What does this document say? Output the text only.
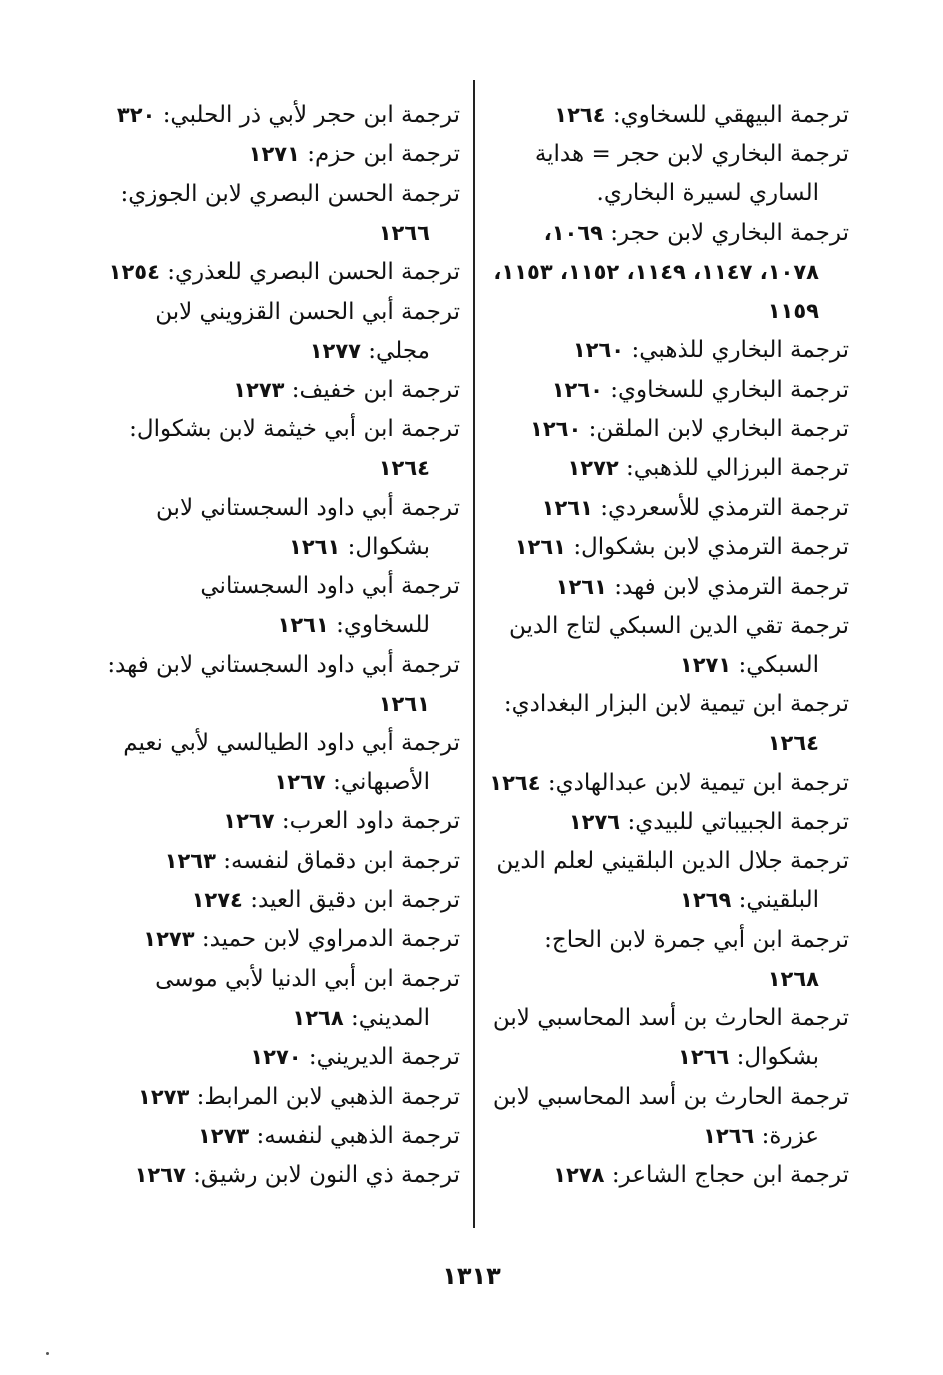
ترجمة البيهقي للسخاوي: ١٢٦٤
ترجمة البخاري لابن حجر = هداية الساري لسيرة البخاري.
ترجمة البخاري لابن حجر: ١٠٦٩، ١٠٧٨، ١١٤٧، ١١٤٩، ١١٥٢، ١١٥٣، ١١٥٩
ترجمة البخاري للذهبي: ١٢٦٠
ترجمة البخاري للسخاوي: ١٢٦٠
ترجمة البخاري لابن الملقن: ١٢٦٠
ترجمة البرزالي للذهبي: ١٢٧٢
ترجمة الترمذي للأسعردي: ١٢٦١
ترجمة الترمذي لابن بشكوال: ١٢٦١
ترجمة الترمذي لابن فهد: ١٢٦١
ترجمة تقي الدين السبكي لتاج الدين السبكي: ١٢٧١
ترجمة ابن تيمية لابن البزار البغدادي: ١٢٦٤
ترجمة ابن تيمية لابن عبدالهادي: ١٢٦٤
ترجمة الجبيباتي للبيدي: ١٢٧٦
ترجمة جلال الدين البلقيني لعلم الدين البلقيني: ١٢٦٩
ترجمة ابن أبي جمرة لابن الحاج: ١٢٦٨
ترجمة الحارث بن أسد المحاسبي لابن بشكوال: ١٢٦٦
ترجمة الحارث بن أسد المحاسبي لابن عزرة: ١٢٦٦
ترجمة ابن حجاج الشاعر: ١٢٧٨
ترجمة ابن حجر لأبي ذر الحلبي: ٣٢٠
ترجمة ابن حزم: ١٢٧١
ترجمة الحسن البصري لابن الجوزي: ١٢٦٦
ترجمة الحسن البصري للعذري: ١٢٥٤
ترجمة أبي الحسن القزويني لابن مجلي: ١٢٧٧
ترجمة ابن خفيف: ١٢٧٣
ترجمة ابن أبي خيثمة لابن بشكوال: ١٢٦٤
ترجمة أبي داود السجستاني لابن بشكوال: ١٢٦١
ترجمة أبي داود السجستاني للسخاوي: ١٢٦١
ترجمة أبي داود السجستاني لابن فهد: ١٢٦١
ترجمة أبي داود الطيالسي لأبي نعيم الأصبهاني: ١٢٦٧
ترجمة داود العرب: ١٢٦٧
ترجمة ابن دقماق لنفسه: ١٢٦٣
ترجمة ابن دقيق العيد: ١٢٧٤
ترجمة الدمراوي لابن حميد: ١٢٧٣
ترجمة ابن أبي الدنيا لأبي موسى المديني: ١٢٦٨
ترجمة الديريني: ١٢٧٠
ترجمة الذهبي لابن المرابط: ١٢٧٣
ترجمة الذهبي لنفسه: ١٢٧٣
ترجمة ذي النون لابن رشيق: ١٢٦٧
١٣١٣
